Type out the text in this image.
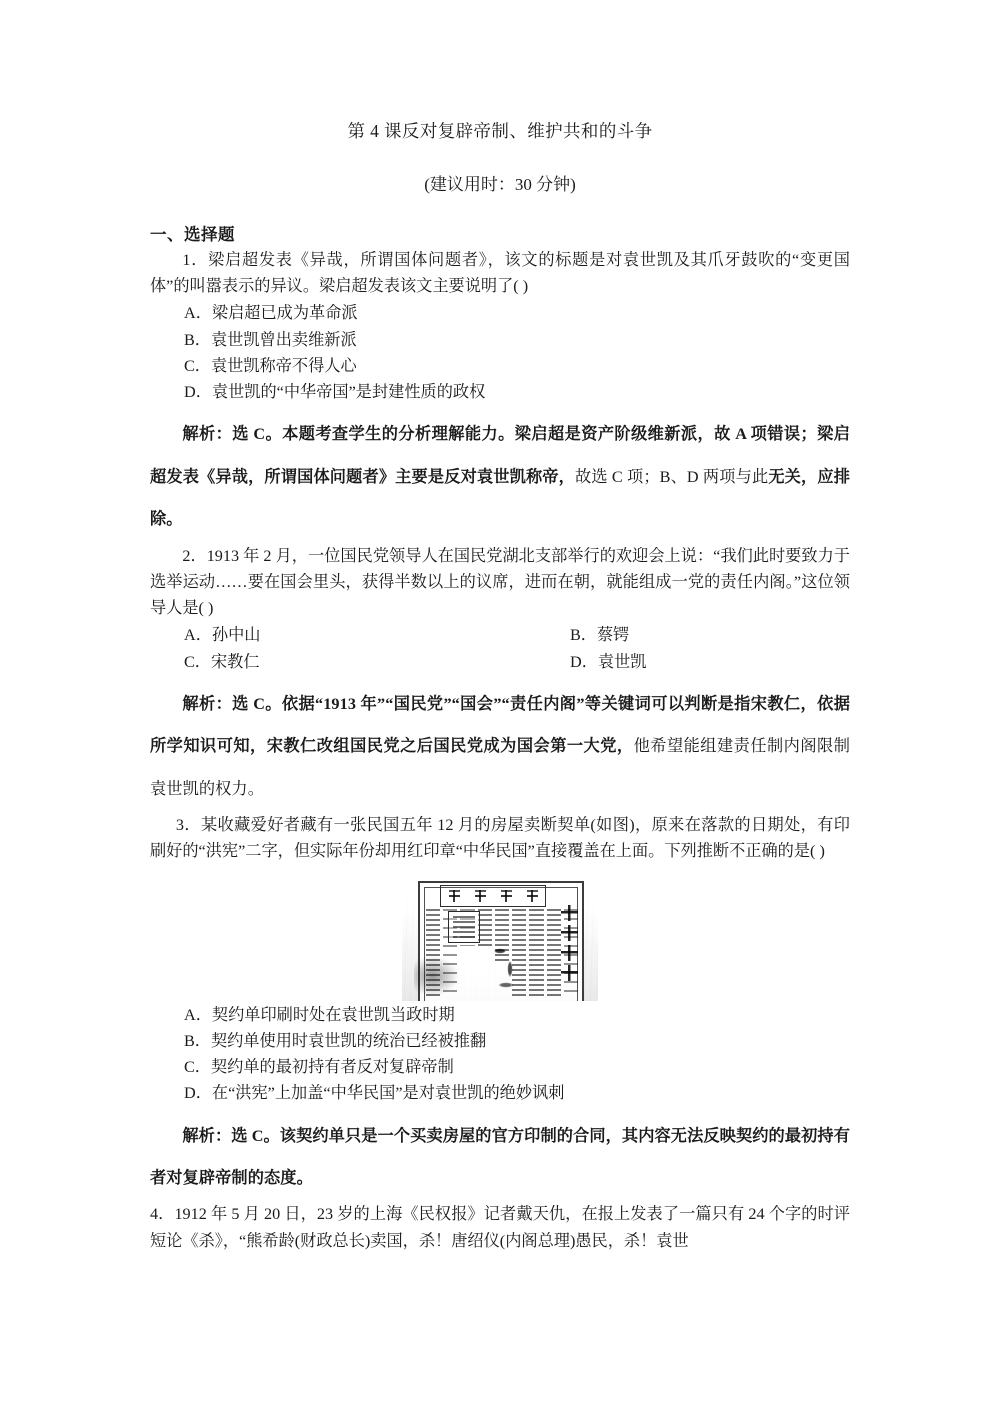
第 4 课反对复辟帝制、维护共和的斗争
(建议用时：30 分钟)
一、选择题
1．梁启超发表《异哉，所谓国体问题者》，该文的标题是对袁世凯及其爪牙鼓吹的“变更国体”的叫嚣表示的异议。梁启超发表该文主要说明了( )
A．梁启超已成为革命派
B．袁世凯曾出卖维新派
C．袁世凯称帝不得人心
D．袁世凯的“中华帝国”是封建性质的政权
解析：选 C。本题考查学生的分析理解能力。梁启超是资产阶级维新派，故 A 项错误；梁启超发表《异哉，所谓国体问题者》主要是反对袁世凯称帝，故选 C 项；B、D 两项与此无关，应排除。
2．1913 年 2 月，一位国民党领导人在国民党湖北支部举行的欢迎会上说：“我们此时要致力于选举运动……要在国会里头，获得半数以上的议席，进而在朝，就能组成一党的责任内阁。”这位领导人是( )
A．孙中山	B．蔡锷
C．宋教仁	D．袁世凯
解析：选 C。依据“1913 年”“国民党”“国会”“责任内阁”等关键词可以判断是指宋教仁，依据所学知识可知，宋教仁改组国民党之后国民党成为国会第一大党，他希望能组建责任制内阁限制袁世凯的权力。
3．某收藏爱好者藏有一张民国五年 12 月的房屋卖断契单(如图)，原来在落款的日期处，有印刷好的“洪宪”二字，但实际年份却用红印章“中华民国”直接覆盖在上面。下列推断不正确的是( )
A．契约单印刷时处在袁世凯当政时期
B．契约单使用时袁世凯的统治已经被推翻
C．契约单的最初持有者反对复辟帝制
D．在“洪宪”上加盖“中华民国”是对袁世凯的绝妙讽刺
解析：选 C。该契约单只是一个买卖房屋的官方印制的合同，其内容无法反映契约的最初持有者对复辟帝制的态度。
4．1912 年 5 月 20 日，23 岁的上海《民权报》记者戴天仇，在报上发表了一篇只有 24 个字的时评短论《杀》，“熊希龄(财政总长)卖国，杀！唐绍仪(内阁总理)愚民，杀！袁世
